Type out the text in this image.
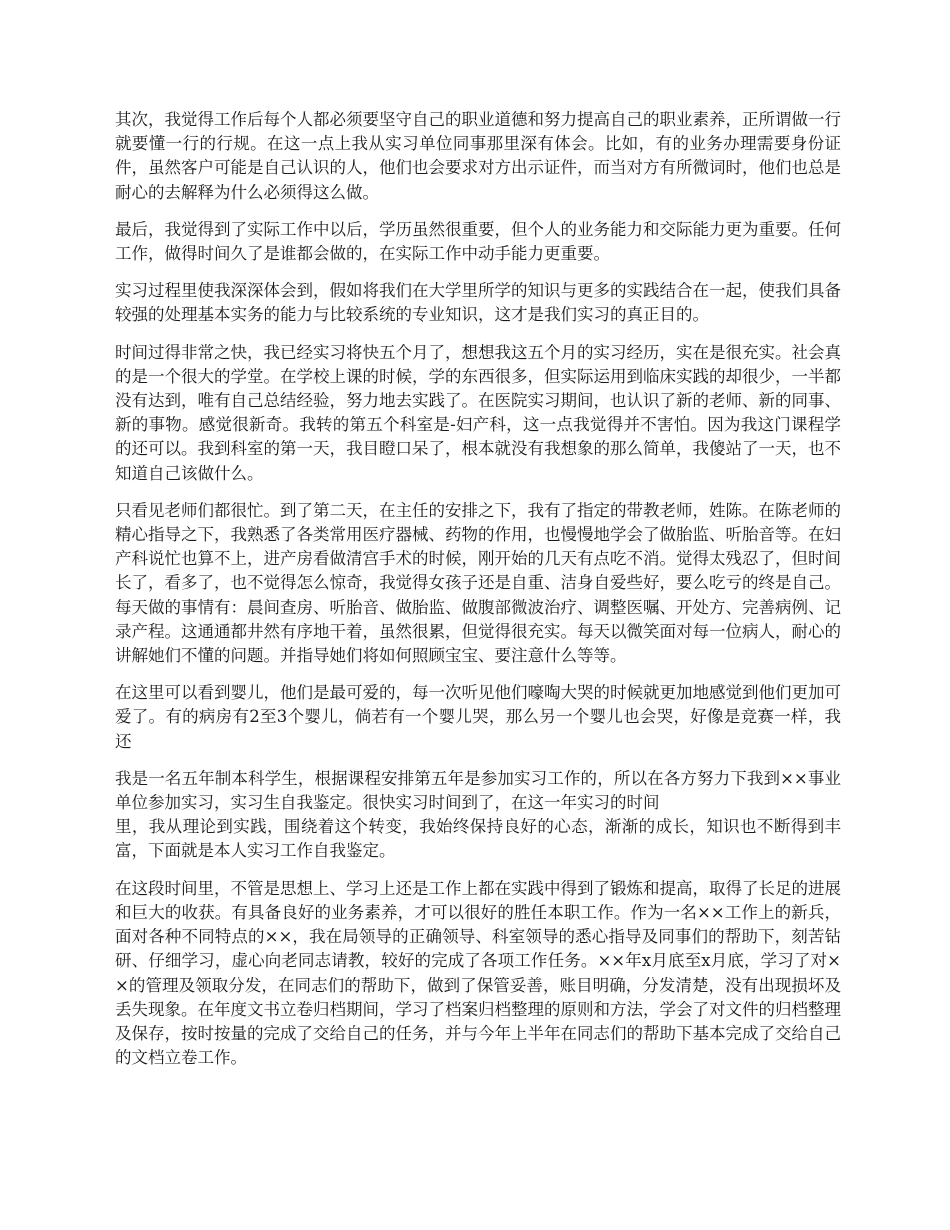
其次，我觉得工作后每个人都必须要坚守自己的职业道德和努力提高自己的职业素养，正所谓做一行就要懂一行的行规。在这一点上我从实习单位同事那里深有体会。比如，有的业务办理需要身份证件，虽然客户可能是自己认识的人，他们也会要求对方出示证件，而当对方有所微词时，他们也总是耐心的去解释为什么必须得这么做。

最后，我觉得到了实际工作中以后，学历虽然很重要，但个人的业务能力和交际能力更为重要。任何工作，做得时间久了是谁都会做的，在实际工作中动手能力更重要。

实习过程里使我深深体会到，假如将我们在大学里所学的知识与更多的实践结合在一起，使我们具备较强的处理基本实务的能力与比较系统的专业知识，这才是我们实习的真正目的。

时间过得非常之快，我已经实习将快五个月了，想想我这五个月的实习经历，实在是很充实。社会真的是一个很大的学堂。在学校上课的时候，学的东西很多，但实际运用到临床实践的却很少，一半都没有达到，唯有自己总结经验，努力地去实践了。在医院实习期间，也认识了新的老师、新的同事、新的事物。感觉很新奇。我转的第五个科室是-妇产科，这一点我觉得并不害怕。因为我这门课程学的还可以。我到科室的第一天，我目瞪口呆了，根本就没有我想象的那么简单，我傻站了一天，也不知道自己该做什么。

只看见老师们都很忙。到了第二天，在主任的安排之下，我有了指定的带教老师，姓陈。在陈老师的精心指导之下，我熟悉了各类常用医疗器械、药物的作用，也慢慢地学会了做胎监、听胎音等。在妇产科说忙也算不上，进产房看做清宫手术的时候，刚开始的几天有点吃不消。觉得太残忍了，但时间长了，看多了，也不觉得怎么惊奇，我觉得女孩子还是自重、洁身自爱些好，要么吃亏的终是自己。每天做的事情有：晨间查房、听胎音、做胎监、做腹部微波治疗、调整医嘱、开处方、完善病例、记录产程。这通通都井然有序地干着，虽然很累，但觉得很充实。每天以微笑面对每一位病人，耐心的讲解她们不懂的问题。并指导她们将如何照顾宝宝、要注意什么等等。

在这里可以看到婴儿，他们是最可爱的，每一次听见他们嚎啕大哭的时候就更加地感觉到他们更加可爱了。有的病房有2至3个婴儿，倘若有一个婴儿哭，那么另一个婴儿也会哭，好像是竞赛一样，我还

我是一名五年制本科学生，根据课程安排第五年是参加实习工作的，所以在各方努力下我到××事业单位参加实习，实习生自我鉴定。很快实习时间到了，在这一年实习的时间
里，我从理论到实践，围绕着这个转变，我始终保持良好的心态，渐渐的成长，知识也不断得到丰富，下面就是本人实习工作自我鉴定。

在这段时间里，不管是思想上、学习上还是工作上都在实践中得到了锻炼和提高，取得了长足的进展和巨大的收获。有具备良好的业务素养，才可以很好的胜任本职工作。作为一名××工作上的新兵，面对各种不同特点的××，我在局领导的正确领导、科室领导的悉心指导及同事们的帮助下，刻苦钻研、仔细学习，虚心向老同志请教，较好的完成了各项工作任务。××年x月底至x月底，学习了对××的管理及领取分发，在同志们的帮助下，做到了保管妥善，账目明确，分发清楚，没有出现损坏及丢失现象。在年度文书立卷归档期间，学习了档案归档整理的原则和方法，学会了对文件的归档整理及保存，按时按量的完成了交给自己的任务，并与今年上半年在同志们的帮助下基本完成了交给自己的文档立卷工作。
